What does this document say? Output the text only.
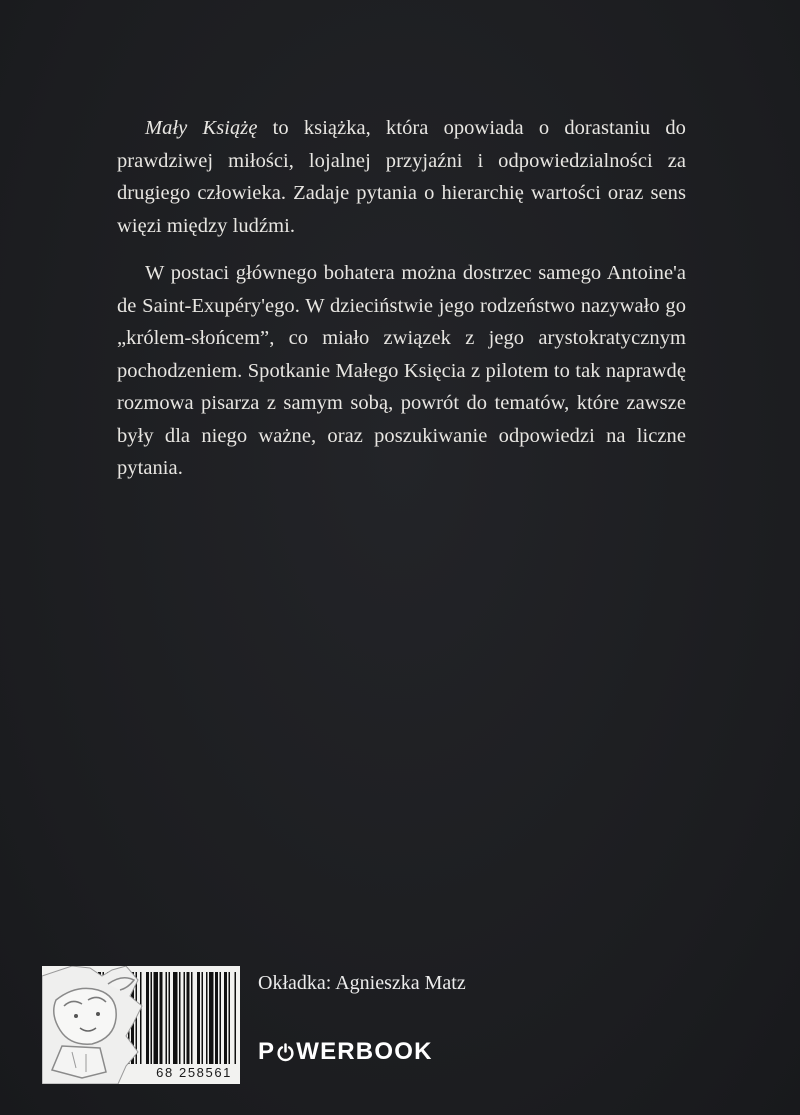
Mały Książę to książka, która opowiada o dorastaniu do prawdziwej miłości, lojalnej przyjaźni i odpowiedzialności za drugiego człowieka. Zadaje pytania o hierarchię wartości oraz sens więzi między ludźmi.

W postaci głównego bohatera można dostrzec samego Antoine'a de Saint-Exupéry'ego. W dzieciństwie jego rodzeństwo nazywało go „królem-słońcem”, co miało związek z jego arystokratycznym pochodzeniem. Spotkanie Małego Księcia z pilotem to tak naprawdę rozmowa pisarza z samym sobą, powrót do tematów, które zawsze były dla niego ważne, oraz poszukiwanie odpowiedzi na liczne pytania.

68 258561
Okładka: Agnieszka Matz
P WERBOOK
